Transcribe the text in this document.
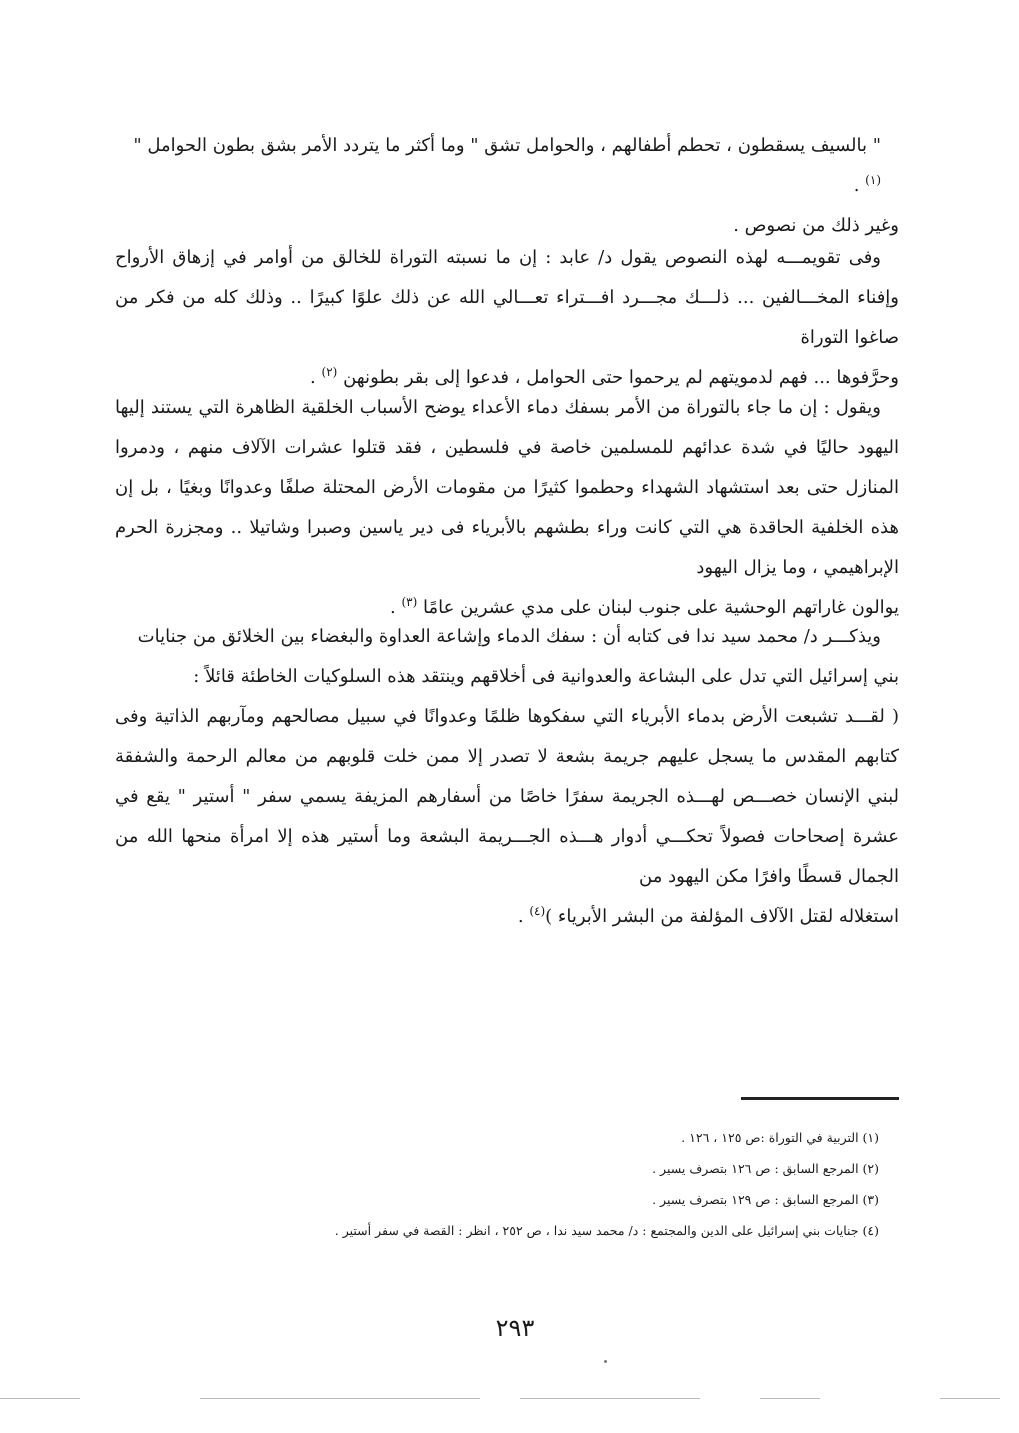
" بالسيف يسقطون ، تحطم أطفالهم ، والحوامل تشق " وما أكثر ما يتردد الأمر بشق بطون الحوامل " $^{(١)}$ .

وغير ذلك من نصوص .

وفى تقويمـــه لهذه النصوص يقول د/ عابد : إن ما نسبته التوراة للخالق من أوامر في إزهاق الأرواح وإفناء المخـــالفين ... ذلـــك مجـــرد افـــتراء تعـــالي الله عن ذلك علوًا كبيرًا .. وذلك كله من فكر من صاغوا التوراة

وحرَّفوها ... فهم لدمويتهم لم يرحموا حتى الحوامل ، فدعوا إلى بقر بطونهن $^{(٢)}$ .

ويقول : إن ما جاء بالتوراة من الأمر بسفك دماء الأعداء يوضح الأسباب الخلقية الظاهرة التي يستند إليها اليهود حاليًا في شدة عدائهم للمسلمين خاصة في فلسطين ، فقد قتلوا عشرات الآلاف منهم ، ودمروا المنازل حتى بعد استشهاد الشهداء وحطموا كثيرًا من مقومات الأرض المحتلة صلفًا وعدوانًا وبغيًا ، بل إن هذه الخلفية الحاقدة هي التي كانت وراء بطشهم بالأبرياء فى دير ياسين وصبرا وشاتيلا .. ومجزرة الحرم الإبراهيمي ، وما يزال اليهود

يوالون غاراتهم الوحشية على جنوب لبنان على مدي عشرين عامًا $^{(٣)}$ .

ويذكـــر د/ محمد سيد ندا فى كتابه أن : سفك الدماء وإشاعة العداوة والبغضاء بين الخلائق من جنايات

بني إسرائيل التي تدل على البشاعة والعدوانية فى أخلاقهم وينتقد هذه السلوكيات الخاطئة قائلاً :

( لقـــد تشبعت الأرض بدماء الأبرياء التي سفكوها ظلمًا وعدوانًا في سبيل مصالحهم ومآربهم الذاتية وفى كتابهم المقدس ما يسجل عليهم جريمة بشعة لا تصدر إلا ممن خلت قلوبهم من معالم الرحمة والشفقة لبني الإنسان خصـــص لهـــذه الجريمة سفرًا خاصًا من أسفارهم المزيفة يسمي سفر " أستير " يقع في عشرة إصحاحات فصولاً تحكـــي أدوار هـــذه الجـــريمة البشعة وما أستير هذه إلا امرأة منحها الله من الجمال قسطًا وافرًا مكن اليهود من

استغلاله لقتل الآلاف المؤلفة من البشر الأبرياء )$^{(٤)}$ .

(١) التربية في التوراة :ص ١٢٥ ، ١٢٦ .
(٢) المرجع السابق : ص ١٢٦ بتصرف يسير .
(٣) المرجع السابق : ص ١٢٩ بتصرف يسير .
(٤) جنايات بني إسرائيل على الدين والمجتمع : د/ محمد سيد ندا ، ص ٢٥٢ ، انظر : القصة في سفر أستير .
٢٩٣
